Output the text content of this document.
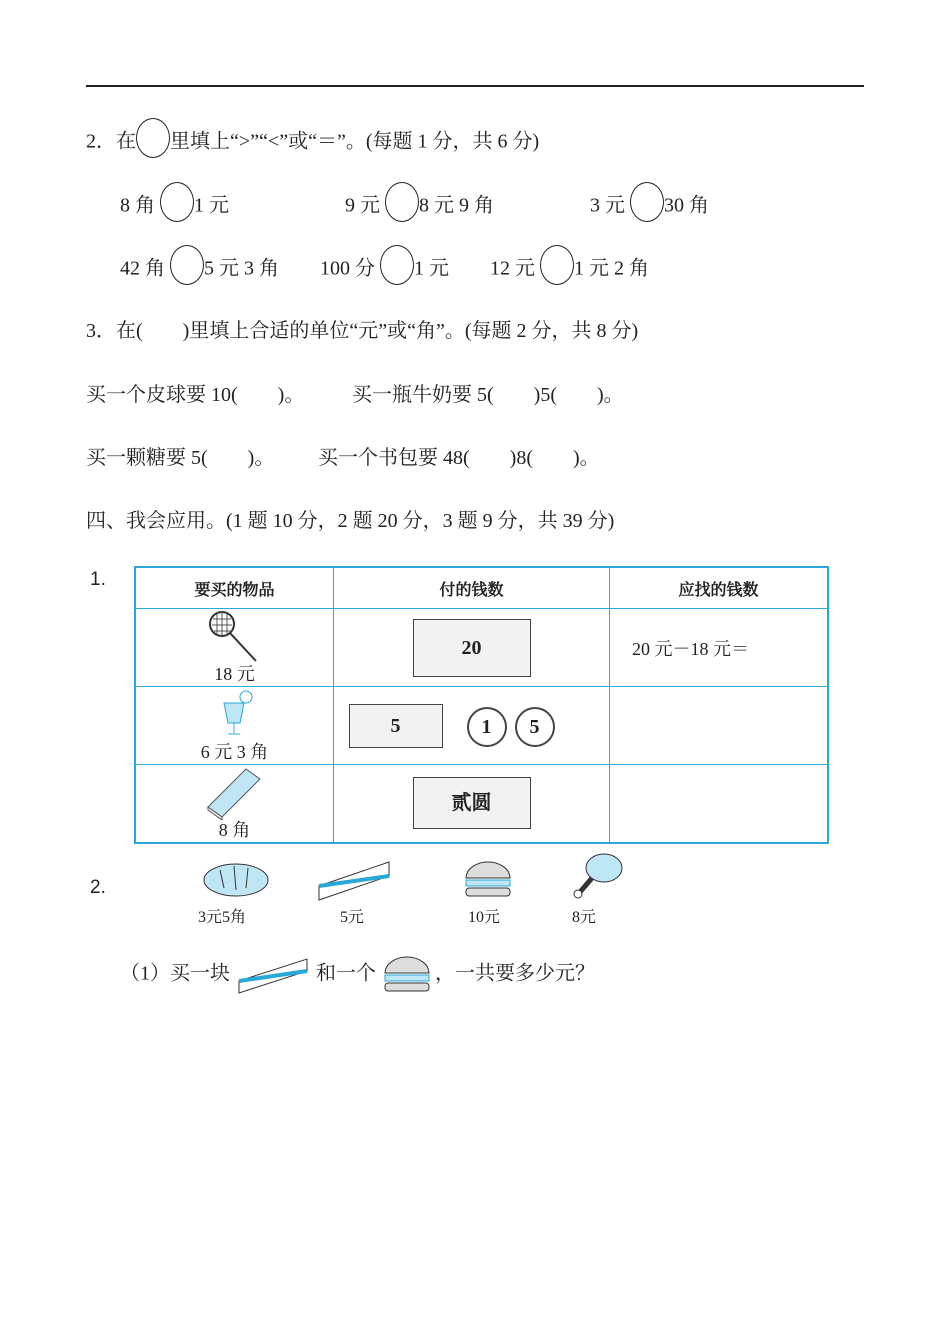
2．在 里填上“>”“<”或“＝”。(每题 1 分，共 6 分)
8 角 1 元	9 元 8 元 9 角	3 元 30 角
42 角 5 元 3 角 100 分 1 元 12 元 1 元 2 角
3．在(　　)里填上合适的单位“元”或“角”。(每题 2 分，共 8 分)
买一个皮球要 10(　　)。 买一瓶牛奶要 5(　　)5(　　)。
买一颗糖要 5(　　)。 买一个书包要 48(　　)8(　　)。
四、我会应用。(1 题 10 分，2 题 20 分，3 题 9 分，共 39 分)
1.	要买的物品	付的钱数	应找的钱数

18 元	20	20 元－18 元＝

6 元 3 角	5 1 5	

8 角	贰圆	
2.
3元5角	5元	10元	8元
（1）买一块	和一个	，一共要多少元？
